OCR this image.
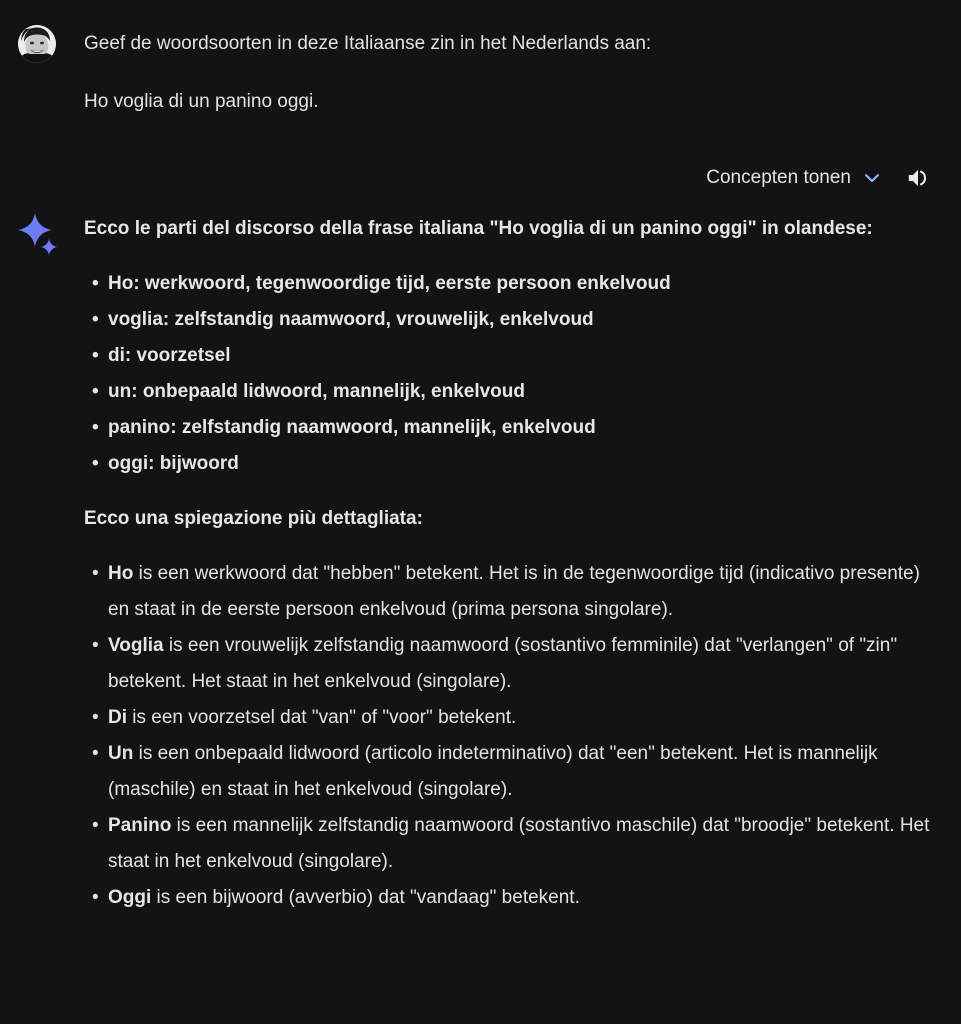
Geef de woordsoorten in deze Italiaanse zin in het Nederlands aan:

Ho voglia di un panino oggi.

Concepten tonen

Ecco le parti del discorso della frase italiana "Ho voglia di un panino oggi" in olandese:

• Ho: werkwoord, tegenwoordige tijd, eerste persoon enkelvoud
• voglia: zelfstandig naamwoord, vrouwelijk, enkelvoud
• di: voorzetsel
• un: onbepaald lidwoord, mannelijk, enkelvoud
• panino: zelfstandig naamwoord, mannelijk, enkelvoud
• oggi: bijwoord

Ecco una spiegazione più dettagliata:

• Ho is een werkwoord dat "hebben" betekent. Het is in de tegenwoordige tijd (indicativo presente) en staat in de eerste persoon enkelvoud (prima persona singolare).
• Voglia is een vrouwelijk zelfstandig naamwoord (sostantivo femminile) dat "verlangen" of "zin" betekent. Het staat in het enkelvoud (singolare).
• Di is een voorzetsel dat "van" of "voor" betekent.
• Un is een onbepaald lidwoord (articolo indeterminativo) dat "een" betekent. Het is mannelijk (maschile) en staat in het enkelvoud (singolare).
• Panino is een mannelijk zelfstandig naamwoord (sostantivo maschile) dat "broodje" betekent. Het staat in het enkelvoud (singolare).
• Oggi is een bijwoord (avverbio) dat "vandaag" betekent.
